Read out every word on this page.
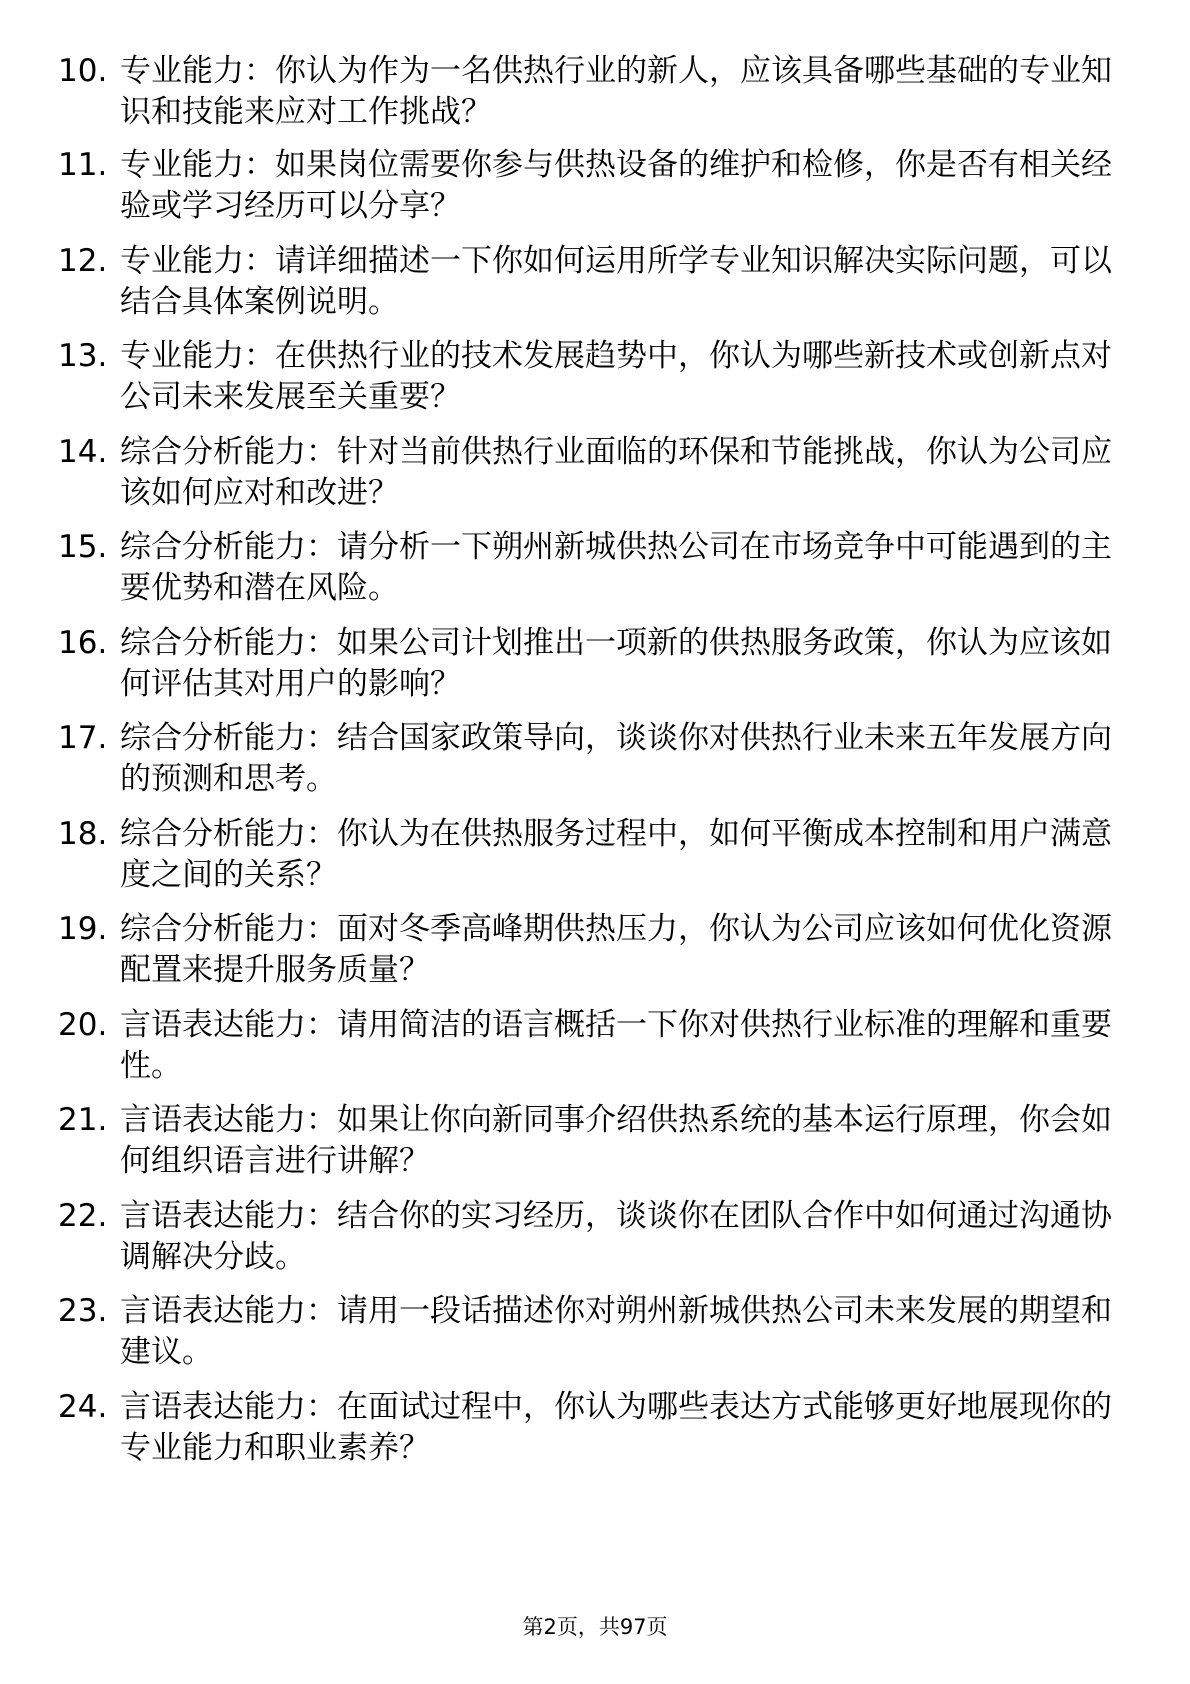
10. 专业能力：你认为作为一名供热行业的新人，应该具备哪些基础的专业知识和技能来应对工作挑战？
11. 专业能力：如果岗位需要你参与供热设备的维护和检修，你是否有相关经验或学习经历可以分享？
12. 专业能力：请详细描述一下你如何运用所学专业知识解决实际问题，可以结合具体案例说明。
13. 专业能力：在供热行业的技术发展趋势中，你认为哪些新技术或创新点对公司未来发展至关重要？
14. 综合分析能力：针对当前供热行业面临的环保和节能挑战，你认为公司应该如何应对和改进？
15. 综合分析能力：请分析一下朔州新城供热公司在市场竞争中可能遇到的主要优势和潜在风险。
16. 综合分析能力：如果公司计划推出一项新的供热服务政策，你认为应该如何评估其对用户的影响？
17. 综合分析能力：结合国家政策导向，谈谈你对供热行业未来五年发展方向的预测和思考。
18. 综合分析能力：你认为在供热服务过程中，如何平衡成本控制和用户满意度之间的关系？
19. 综合分析能力：面对冬季高峰期供热压力，你认为公司应该如何优化资源配置来提升服务质量？
20. 言语表达能力：请用简洁的语言概括一下你对供热行业标准的理解和重要性。
21. 言语表达能力：如果让你向新同事介绍供热系统的基本运行原理，你会如何组织语言进行讲解？
22. 言语表达能力：结合你的实习经历，谈谈你在团队合作中如何通过沟通协调解决分歧。
23. 言语表达能力：请用一段话描述你对朔州新城供热公司未来发展的期望和建议。
24. 言语表达能力：在面试过程中，你认为哪些表达方式能够更好地展现你的专业能力和职业素养？
第2页，共97页
